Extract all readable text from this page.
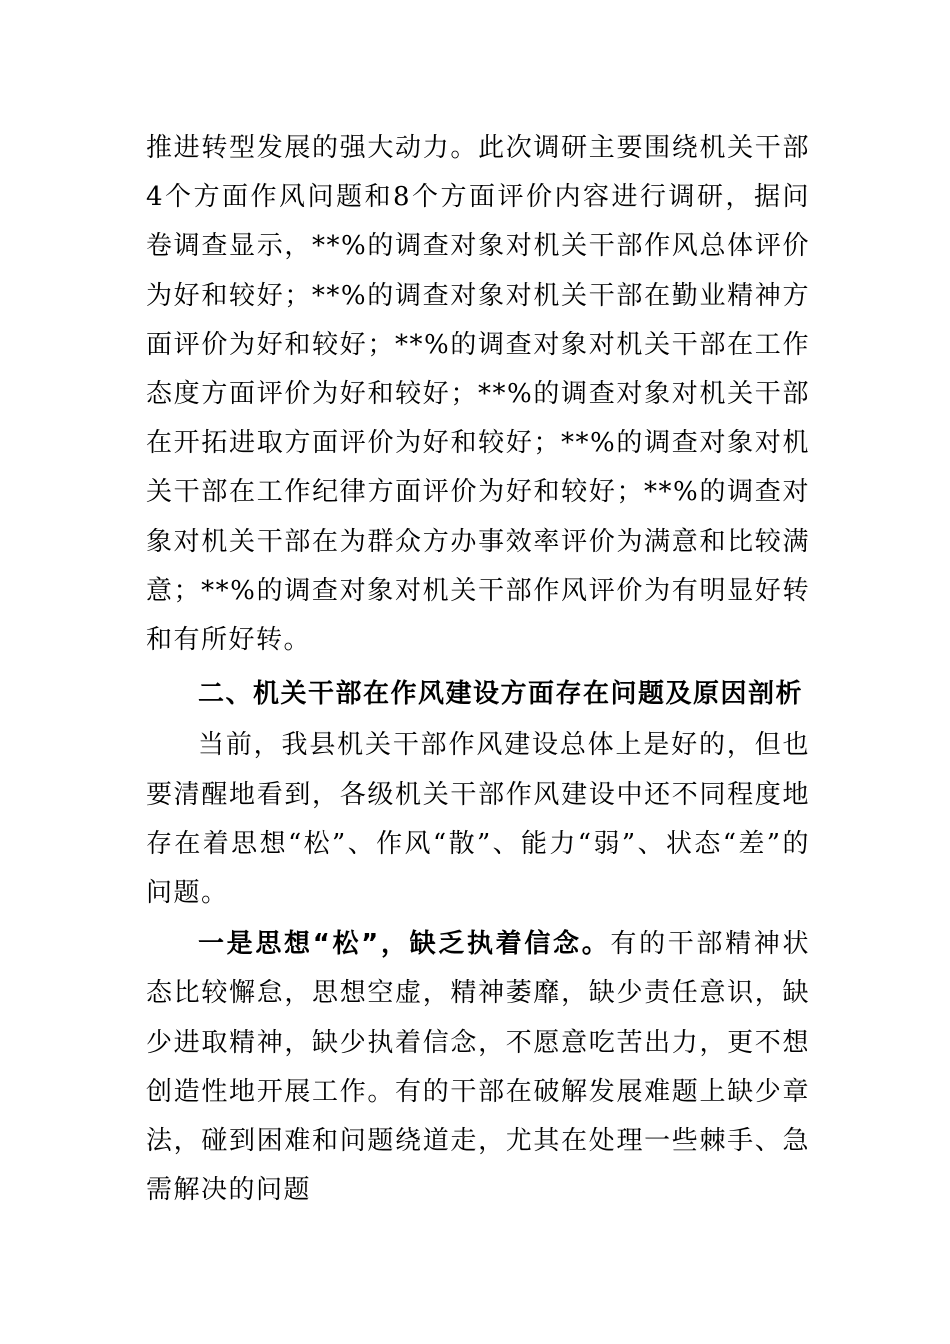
推进转型发展的强大动力。此次调研主要围绕机关干部4个方面作风问题和8个方面评价内容进行调研，据问卷调查显示，**%的调查对象对机关干部作风总体评价为好和较好；**%的调查对象对机关干部在勤业精神方面评价为好和较好；**%的调查对象对机关干部在工作态度方面评价为好和较好；**%的调查对象对机关干部在开拓进取方面评价为好和较好；**%的调查对象对机关干部在工作纪律方面评价为好和较好；**%的调查对象对机关干部在为群众方办事效率评价为满意和比较满意；**%的调查对象对机关干部作风评价为有明显好转和有所好转。

二、机关干部在作风建设方面存在问题及原因剖析

当前，我县机关干部作风建设总体上是好的，但也要清醒地看到，各级机关干部作风建设中还不同程度地存在着思想“松”、作风“散”、能力“弱”、状态“差”的问题。

一是思想“松”，缺乏执着信念。有的干部精神状态比较懈怠，思想空虚，精神萎靡，缺少责任意识，缺少进取精神，缺少执着信念，不愿意吃苦出力，更不想创造性地开展工作。有的干部在破解发展难题上缺少章法，碰到困难和问题绕道走，尤其在处理一些棘手、急需解决的问题
